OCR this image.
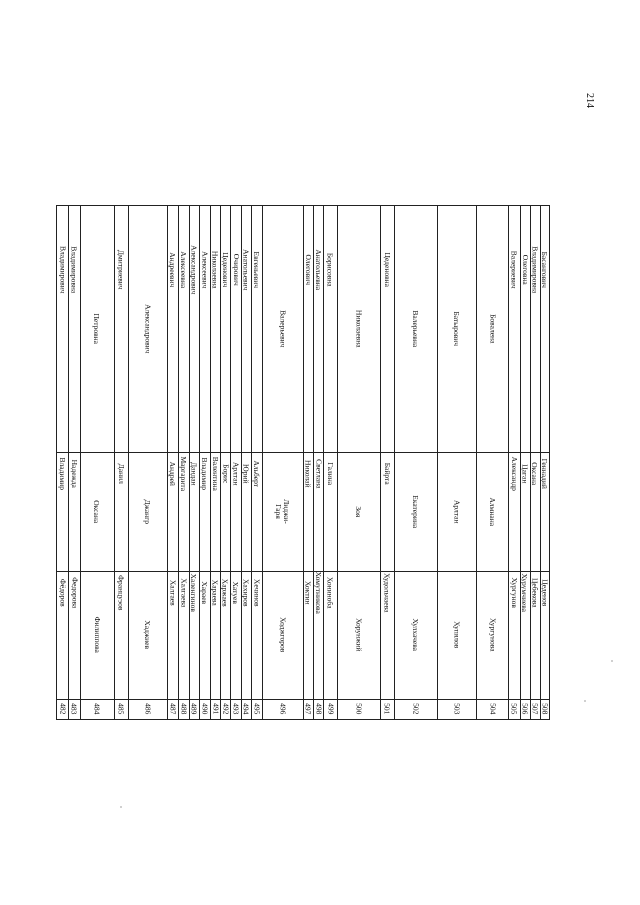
214
482
Фёдоров
Владимир
Владимирович
483
Федорова
Надежда
Владимировна
484
Филиппова
Оксана
Петровна
485
Француэов
Данил
Дмитриевич
486
Хаджиев
Джангр
Александрович
487
Халгаев
Андрей
Андреевич
488
Халгаева
Маргарита
Алексеевна
489
Халенгинов
Дандан
Александрович
490
Хараев
Владимир
Алексеевич
491
Хараева
Валентина
Николаевна
492
Харжаев
Борис
Цеденович
493
Хатуев
Арлтан
Очирович
494
Хахиров
Юрий
Анатольевич
495
Хечинов
Альберт
Евгеньевич
496
Ходжгоров
Лиджи-
Гаря
Валерьевич
497
Хоктин
Николай
Олегович
498
Хомутникова
Светлана
Анатольевна
499
Хониноба
Галина
Борисовна
500
Хорунжий
Зоя
Николаевна
501
Худольчаева
Байрта
Цеденовна
502
Хулхачева
Екатерина
Валерьевна
503
Хупялов
Арлтан
Батырович
504
Хургунова
Алмнана
Бовалена
505
Хургунов
Александр
Валериевич
506
Хурумчиева
Цаган
Олеговна
507
Цебекова
Оксана
Владимировна
508
Цеденов
Геннадий
Басангович
